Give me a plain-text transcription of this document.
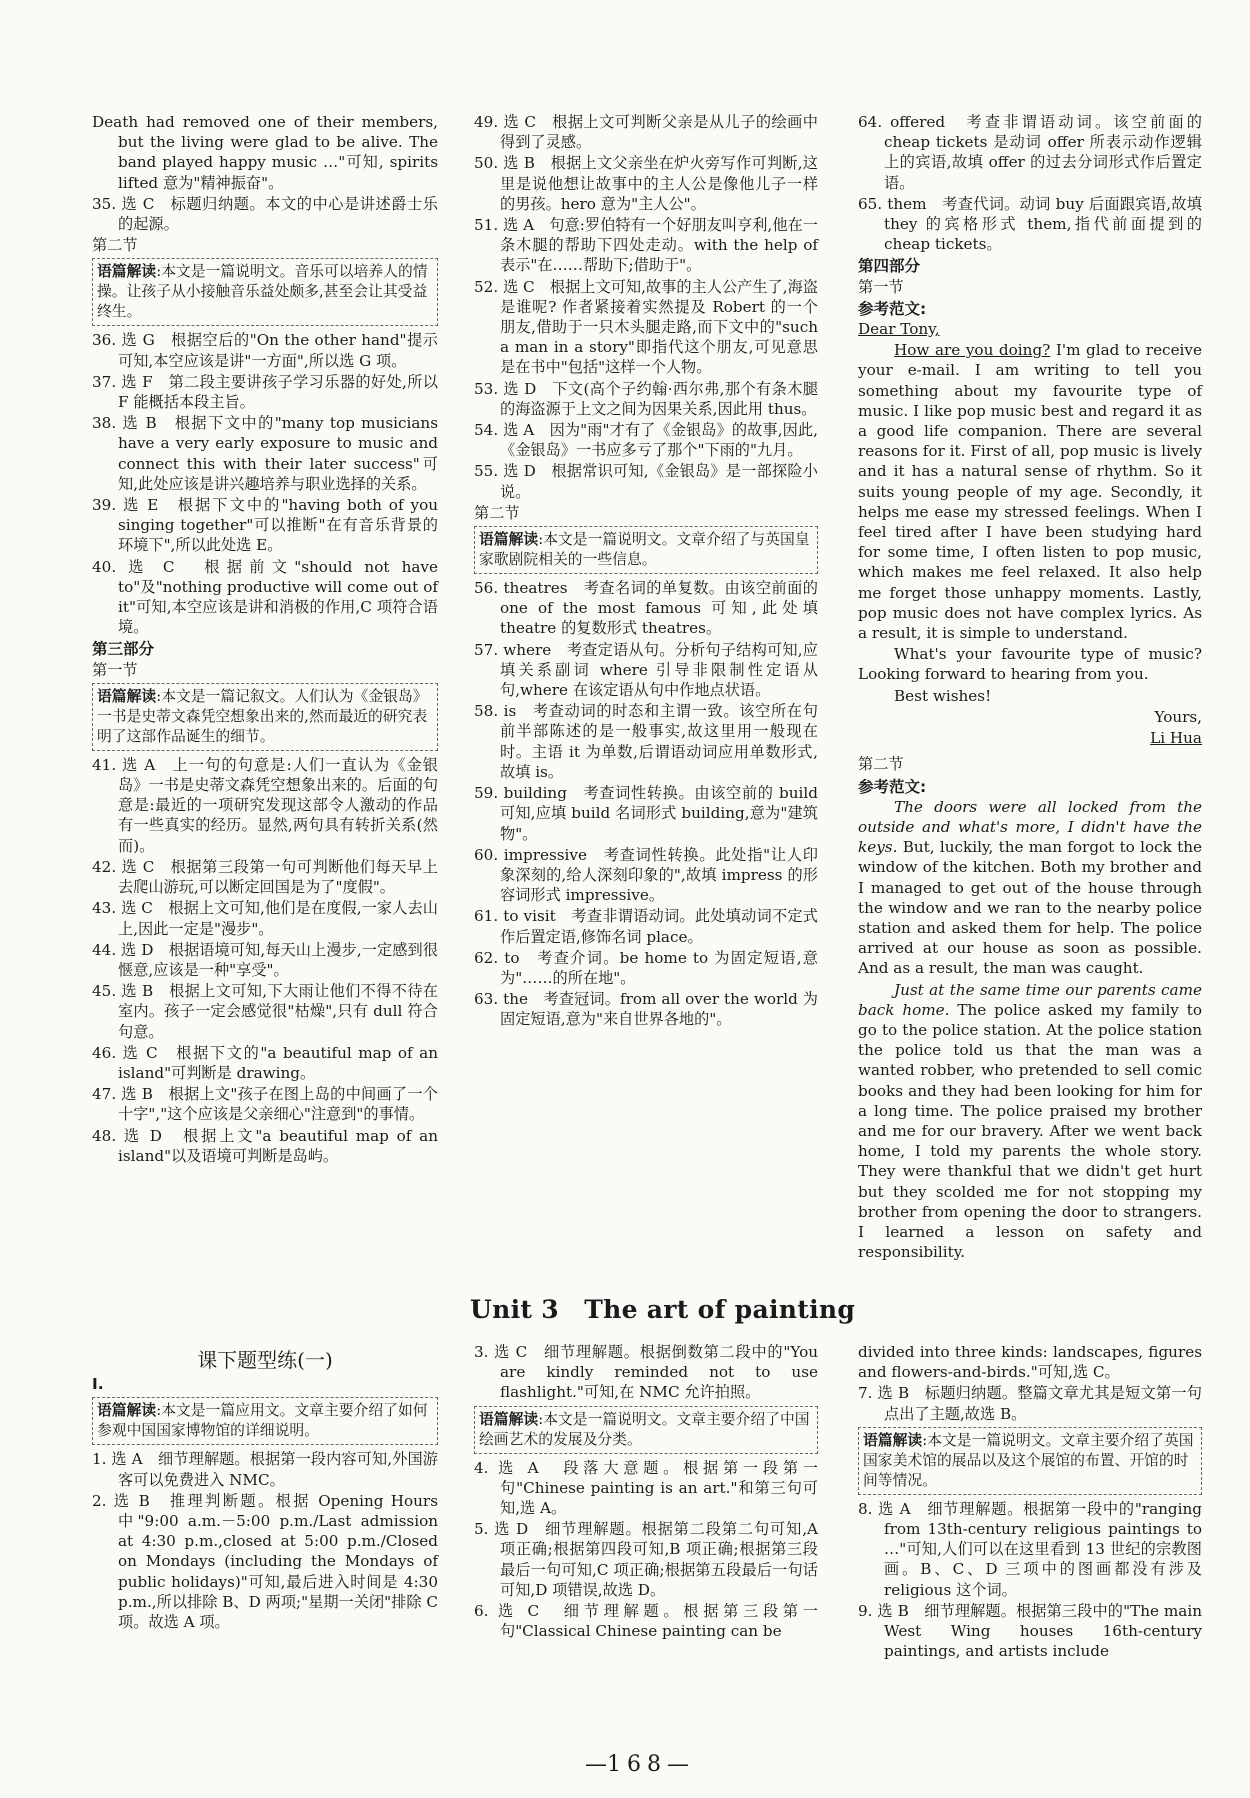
Death had removed one of their members, but the living were glad to be alive. The band played happy music …"可知, spirits lifted 意为"精神振奋"。

35. 选 C　标题归纳题。本文的中心是讲述爵士乐的起源。

第二节

语篇解读:本文是一篇说明文。音乐可以培养人的情操。让孩子从小接触音乐益处颇多,甚至会让其受益终生。

36. 选 G　根据空后的"On the other hand"提示可知,本空应该是讲"一方面",所以选 G 项。

37. 选 F　第二段主要讲孩子学习乐器的好处,所以 F 能概括本段主旨。

38. 选 B　根据下文中的"many top musicians have a very early exposure to music and connect this with their later success"可知,此处应该是讲兴趣培养与职业选择的关系。

39. 选 E　根据下文中的"having both of you singing together"可以推断"在有音乐背景的环境下",所以此处选 E。

40. 选 C　根据前文"should not have to"及"nothing productive will come out of it"可知,本空应该是讲和消极的作用,C 项符合语境。

第三部分

第一节

语篇解读:本文是一篇记叙文。人们认为《金银岛》一书是史蒂文森凭空想象出来的,然而最近的研究表明了这部作品诞生的细节。

41. 选 A　上一句的句意是:人们一直认为《金银岛》一书是史蒂文森凭空想象出来的。后面的句意是:最近的一项研究发现这部令人激动的作品有一些真实的经历。显然,两句具有转折关系(然而)。

42. 选 C　根据第三段第一句可判断他们每天早上去爬山游玩,可以断定回国是为了"度假"。

43. 选 C　根据上文可知,他们是在度假,一家人去山上,因此一定是"漫步"。

44. 选 D　根据语境可知,每天山上漫步,一定感到很惬意,应该是一种"享受"。

45. 选 B　根据上文可知,下大雨让他们不得不待在室内。孩子一定会感觉很"枯燥",只有 dull 符合句意。

46. 选 C　根据下文的"a beautiful map of an island"可判断是 drawing。

47. 选 B　根据上文"孩子在图上岛的中间画了一个十字","这个应该是父亲细心"注意到"的事情。

48. 选 D　根据上文"a beautiful map of an island"以及语境可判断是岛屿。

49. 选 C　根据上文可判断父亲是从儿子的绘画中得到了灵感。

50. 选 B　根据上文父亲坐在炉火旁写作可判断,这里是说他想让故事中的主人公是像他儿子一样的男孩。hero 意为"主人公"。

51. 选 A　句意:罗伯特有一个好朋友叫亨利,他在一条木腿的帮助下四处走动。with the help of 表示"在……帮助下;借助于"。

52. 选 C　根据上文可知,故事的主人公产生了,海盗是谁呢? 作者紧接着实然提及 Robert 的一个朋友,借助于一只木头腿走路,而下文中的"such a man in a story"即指代这个朋友,可见意思是在书中"包括"这样一个人物。

53. 选 D　下文(高个子约翰·西尔弗,那个有条木腿的海盗源于上文之间为因果关系,因此用 thus。

54. 选 A　因为"雨"才有了《金银岛》的故事,因此,《金银岛》一书应多亏了那个"下雨的"九月。

55. 选 D　根据常识可知,《金银岛》是一部探险小说。

第二节

语篇解读:本文是一篇说明文。文章介绍了与英国皇家歌剧院相关的一些信息。

56. theatres　考查名词的单复数。由该空前面的 one of the most famous 可知,此处填 theatre 的复数形式 theatres。

57. where　考查定语从句。分析句子结构可知,应填关系副词 where 引导非限制性定语从句,where 在该定语从句中作地点状语。

58. is　考查动词的时态和主谓一致。该空所在句前半部陈述的是一般事实,故这里用一般现在时。主语 it 为单数,后谓语动词应用单数形式,故填 is。

59. building　考查词性转换。由该空前的 build 可知,应填 build 名词形式 building,意为"建筑物"。

60. impressive　考查词性转换。此处指"让人印象深刻的,给人深刻印象的",故填 impress 的形容词形式 impressive。

61. to visit　考查非谓语动词。此处填动词不定式作后置定语,修饰名词 place。

62. to　考查介词。be home to 为固定短语,意为"……的所在地"。

63. the　考查冠词。from all over the world 为固定短语,意为"来自世界各地的"。

64. offered　考查非谓语动词。该空前面的 cheap tickets 是动词 offer 所表示动作逻辑上的宾语,故填 offer 的过去分词形式作后置定语。

65. them　考查代词。动词 buy 后面跟宾语,故填 they 的宾格形式 them,指代前面提到的 cheap tickets。

第四部分

第一节

参考范文:

Dear Tony,

How are you doing? I'm glad to receive your e-mail. I am writing to tell you something about my favourite type of music. I like pop music best and regard it as a good life companion. There are several reasons for it. First of all, pop music is lively and it has a natural sense of rhythm. So it suits young people of my age. Secondly, it helps me ease my stressed feelings. When I feel tired after I have been studying hard for some time, I often listen to pop music, which makes me feel relaxed. It also help me forget those unhappy moments. Lastly, pop music does not have complex lyrics. As a result, it is simple to understand.

What's your favourite type of music? Looking forward to hearing from you.

Best wishes!

Yours,

Li Hua

第二节

参考范文:

The doors were all locked from the outside and what's more, I didn't have the keys. But, luckily, the man forgot to lock the window of the kitchen. Both my brother and I managed to get out of the house through the window and we ran to the nearby police station and asked them for help. The police arrived at our house as soon as possible. And as a result, the man was caught.

Just at the same time our parents came back home. The police asked my family to go to the police station. At the police station the police told us that the man was a wanted robber, who pretended to sell comic books and they had been looking for him for a long time. The police praised my brother and me for our bravery. After we went back home, I told my parents the whole story. They were thankful that we didn't get hurt but they scolded me for not stopping my brother from opening the door to strangers. I learned a lesson on safety and responsibility.

Unit 3　The art of painting
课下题型练(一)

Ⅰ.

语篇解读:本文是一篇应用文。文章主要介绍了如何参观中国国家博物馆的详细说明。

1. 选 A　细节理解题。根据第一段内容可知,外国游客可以免费进入 NMC。

2. 选 B　推理判断题。根据 Opening Hours 中"9:00 a.m.－5:00 p.m./Last admission at 4:30 p.m.,closed at 5:00 p.m./Closed on Mondays (including the Mondays of public holidays)"可知,最后进入时间是 4:30 p.m.,所以排除 B、D 两项;"星期一关闭"排除 C 项。故选 A 项。

3. 选 C　细节理解题。根据倒数第二段中的"You are kindly reminded not to use flashlight."可知,在 NMC 允许拍照。

语篇解读:本文是一篇说明文。文章主要介绍了中国绘画艺术的发展及分类。

4. 选 A　段落大意题。根据第一段第一句"Chinese painting is an art."和第三句可知,选 A。

5. 选 D　细节理解题。根据第二段第二句可知,A 项正确;根据第四段可知,B 项正确;根据第三段最后一句可知,C 项正确;根据第五段最后一句话可知,D 项错误,故选 D。

6. 选 C　细节理解题。根据第三段第一句"Classical Chinese painting can be

divided into three kinds: landscapes, figures and flowers-and-birds."可知,选 C。

7. 选 B　标题归纳题。整篇文章尤其是短文第一句点出了主题,故选 B。

语篇解读:本文是一篇说明文。文章主要介绍了英国国家美术馆的展品以及这个展馆的布置、开馆的时间等情况。

8. 选 A　细节理解题。根据第一段中的"ranging from 13th-century religious paintings to …"可知,人们可以在这里看到 13 世纪的宗教图画。B、C、D 三项中的图画都没有涉及 religious 这个词。

9. 选 B　细节理解题。根据第三段中的"The main West Wing houses 16th-century paintings, and artists include

—168—
